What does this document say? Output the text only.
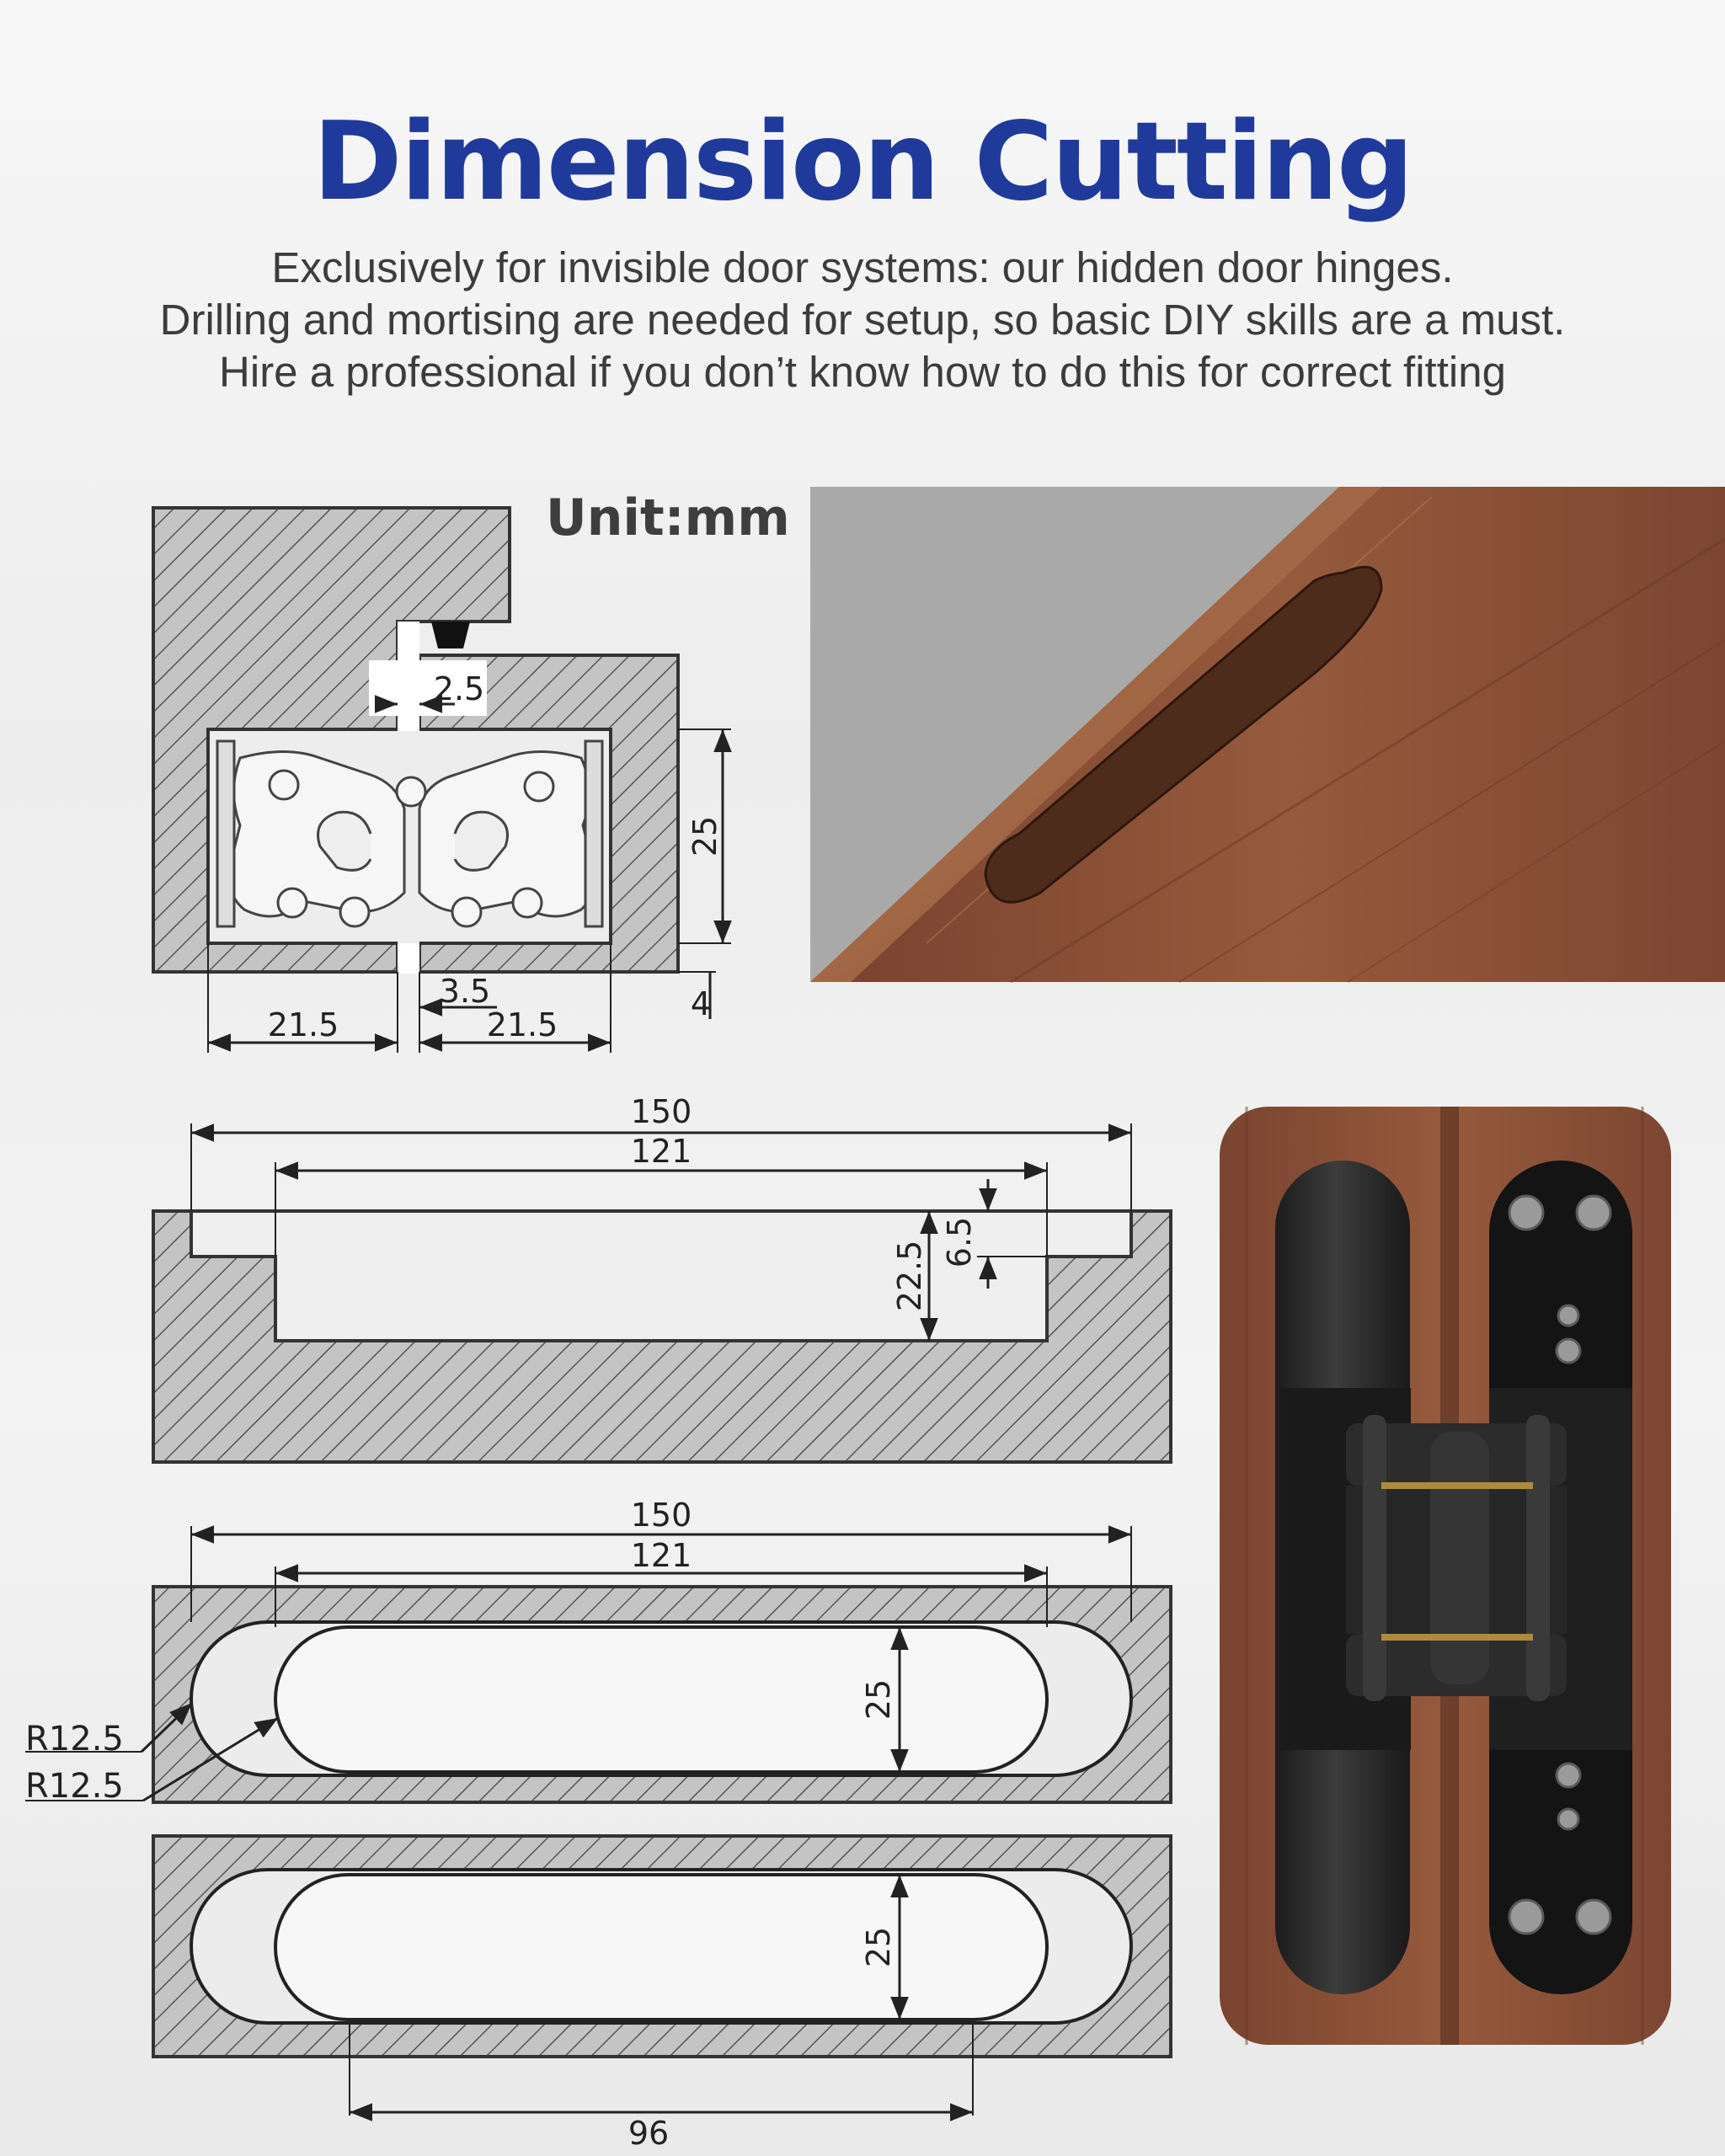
Dimension Cutting
Exclusively for invisible door systems: our hidden door hinges.
Drilling and mortising are needed for setup, so basic DIY skills are a must.
Hire a professional if you don’t know how to do this for correct fitting
2.5
25
4
3.5
21.5	21.5
150
121
22.5 6.5
150
121
25
R12.5
R12.5
25
96
Unit:mm
